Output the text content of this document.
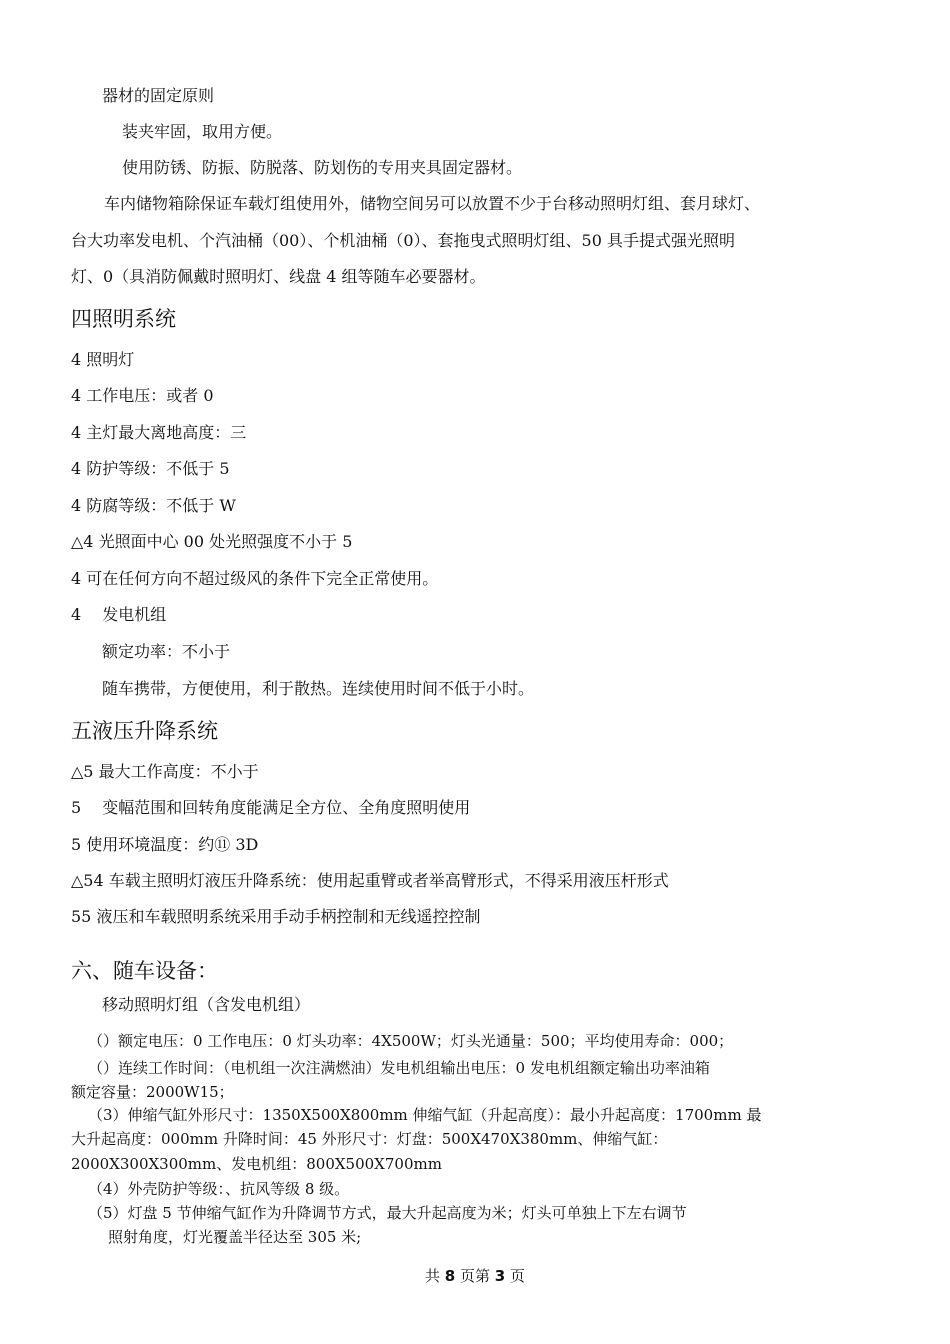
器材的固定原则
装夹牢固，取用方便。
使用防锈、防振、防脱落、防划伤的专用夹具固定器材。
车内储物箱除保证车载灯组使用外，储物空间另可以放置不少于台移动照明灯组、套月球灯、
台大功率发电机、个汽油桶（00）、个机油桶（0）、套拖曳式照明灯组、50 具手提式强光照明
灯、0（具消防佩戴时照明灯、线盘 4 组等随车必要器材。
四照明系统
4 照明灯
4 工作电压：或者 0
4 主灯最大离地高度：三
4 防护等级：不低于 5
4 防腐等级：不低于 W
△4 光照面中心 00 处光照强度不小于 5
4 可在任何方向不超过级风的条件下完全正常使用。
4　 发电机组
额定功率：不小于
随车携带，方便使用，利于散热。连续使用时间不低于小时。
五液压升降系统
△5 最大工作高度：不小于
5　 变幅范围和回转角度能满足全方位、全角度照明使用
5 使用环境温度：约⑪ 3D
△54 车载主照明灯液压升降系统：使用起重臂或者举高臂形式，不得采用液压杆形式
55 液压和车载照明系统采用手动手柄控制和无线遥控控制
六、随车设备：
移动照明灯组（含发电机组）
（）额定电压：0 工作电压：0 灯头功率：4X500W；灯头光通量：500；平均使用寿命：000；
（）连续工作时间：（电机组一次注满燃油）发电机组输出电压：0 发电机组额定输出功率油箱
额定容量：2000W15；
（3）伸缩气缸外形尺寸：1350X500X800mm 伸缩气缸（升起高度）：最小升起高度：1700mm 最
大升起高度：000mm 升降时间：45 外形尺寸：灯盘：500X470X380mm、伸缩气缸：
2000X300X300mm、发电机组：800X500X700mm
（4）外壳防护等级：、抗风等级 8 级。
（5）灯盘 5 节伸缩气缸作为升降调节方式，最大升起高度为米；灯头可单独上下左右调节
照射角度，灯光覆盖半径达至 305 米;
共 8 页第 3 页
